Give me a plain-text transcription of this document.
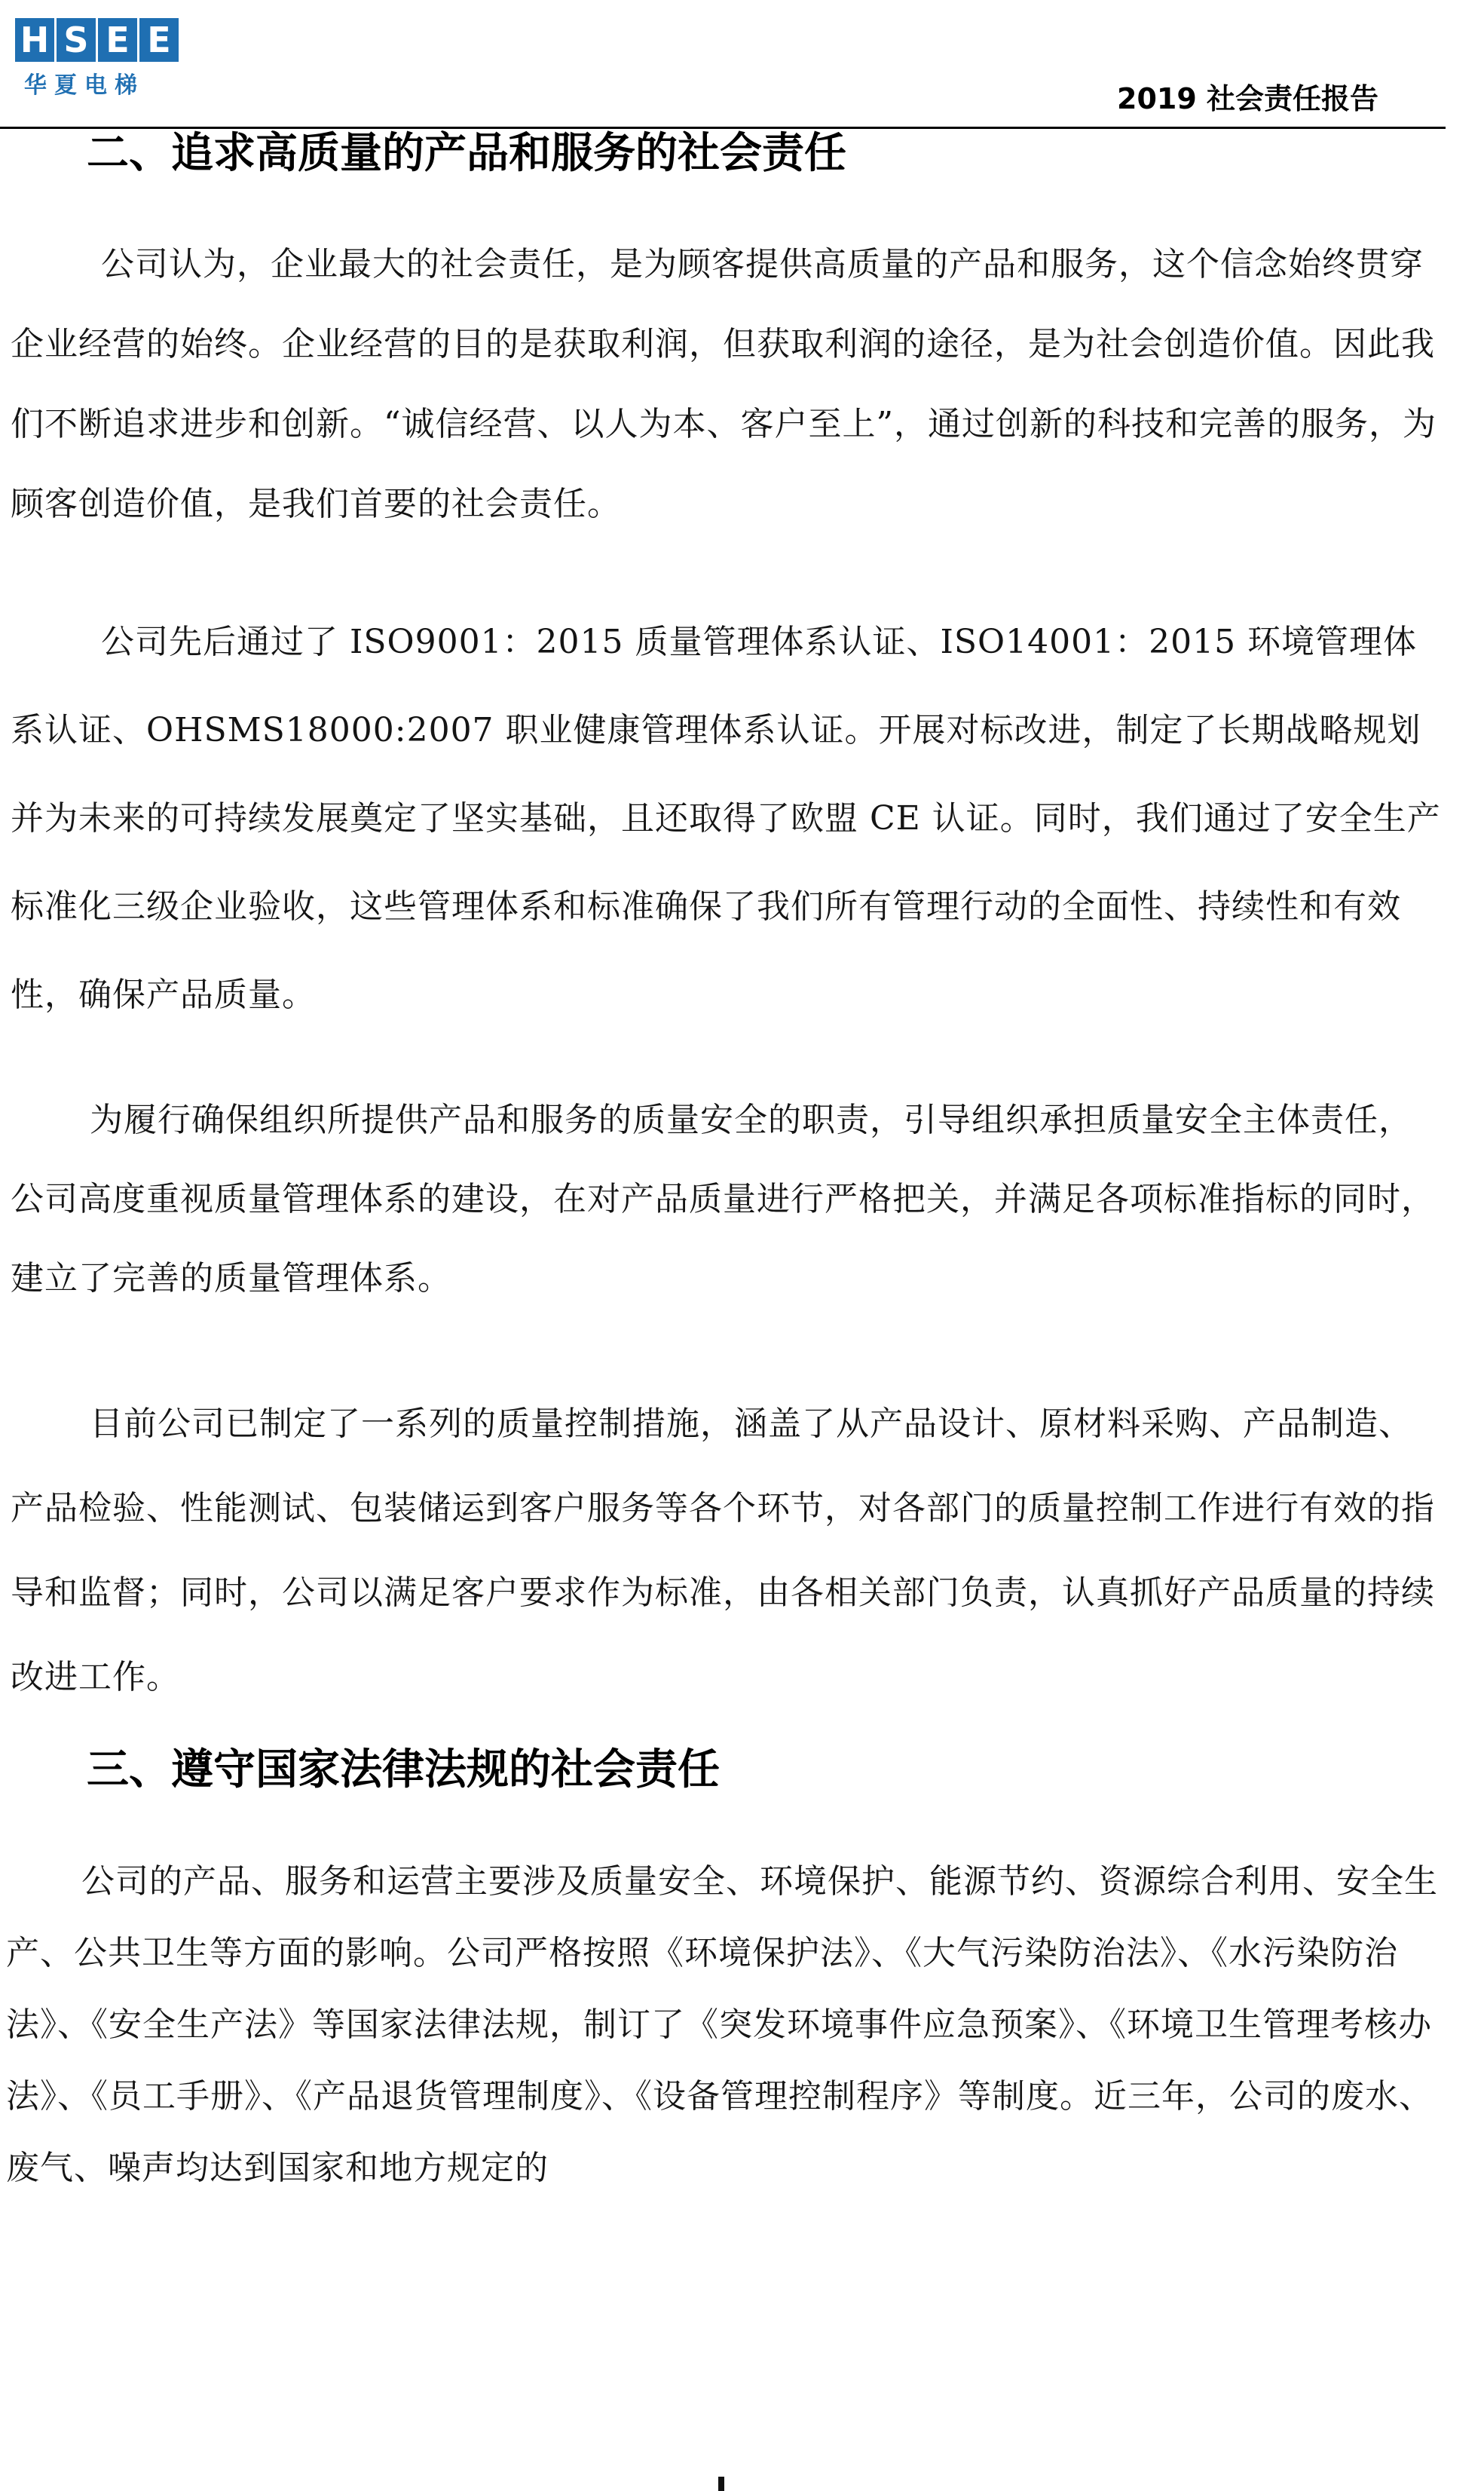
H S E E
华夏电梯	2019 社会责任报告
二、追求高质量的产品和服务的社会责任

公司认为，企业最大的社会责任，是为顾客提供高质量的产品和服务，这个信念始终贯穿企业经营的始终。企业经营的目的是获取利润，但获取利润的途径，是为社会创造价值。因此我们不断追求进步和创新。“诚信经营、以人为本、客户至上”，通过创新的科技和完善的服务，为顾客创造价值，是我们首要的社会责任。

公司先后通过了 ISO9001：2015 质量管理体系认证、ISO14001：2015 环境管理体系认证、OHSMS18000:2007 职业健康管理体系认证。开展对标改进，制定了长期战略规划并为未来的可持续发展奠定了坚实基础，且还取得了欧盟 CE 认证。同时，我们通过了安全生产标准化三级企业验收，这些管理体系和标准确保了我们所有管理行动的全面性、持续性和有效性，确保产品质量。

为履行确保组织所提供产品和服务的质量安全的职责，引导组织承担质量安全主体责任，公司高度重视质量管理体系的建设，在对产品质量进行严格把关，并满足各项标准指标的同时，建立了完善的质量管理体系。

目前公司已制定了一系列的质量控制措施，涵盖了从产品设计、原材料采购、产品制造、产品检验、性能测试、包装储运到客户服务等各个环节，对各部门的质量控制工作进行有效的指导和监督；同时，公司以满足客户要求作为标准，由各相关部门负责，认真抓好产品质量的持续改进工作。

三、遵守国家法律法规的社会责任

公司的产品、服务和运营主要涉及质量安全、环境保护、能源节约、资源综合利用、安全生产、公共卫生等方面的影响。公司严格按照《环境保护法》、《大气污染防治法》、《水污染防治法》、《安全生产法》等国家法律法规，制订了《突发环境事件应急预案》、《环境卫生管理考核办法》、《员工手册》、《产品退货管理制度》、《设备管理控制程序》等制度。近三年，公司的废水、废气、噪声均达到国家和地方规定的
